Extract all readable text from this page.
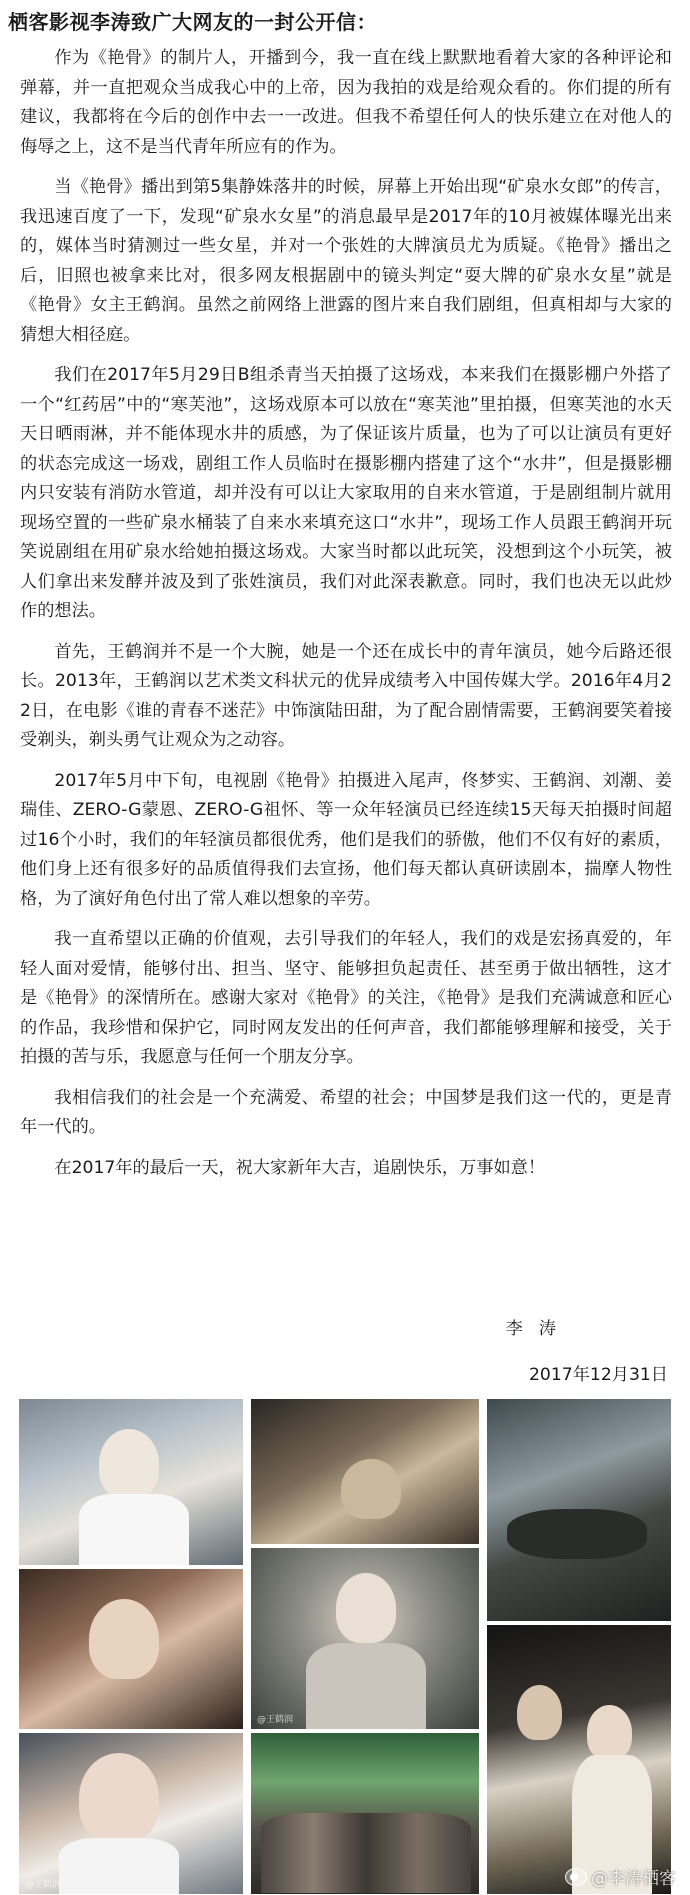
栖客影视李涛致广大网友的一封公开信：

作为《艳骨》的制片人，开播到今，我一直在线上默默地看着大家的各种评论和弹幕，并一直把观众当成我心中的上帝，因为我拍的戏是给观众看的。你们提的所有建议，我都将在今后的创作中去一一改进。但我不希望任何人的快乐建立在对他人的侮辱之上，这不是当代青年所应有的作为。

当《艳骨》播出到第5集静姝落井的时候，屏幕上开始出现“矿泉水女郎”的传言，我迅速百度了一下，发现“矿泉水女星”的消息最早是2017年的10月被媒体曝光出来的，媒体当时猜测过一些女星，并对一个张姓的大牌演员尤为质疑。《艳骨》播出之后，旧照也被拿来比对，很多网友根据剧中的镜头判定“耍大牌的矿泉水女星”就是《艳骨》女主王鹤润。虽然之前网络上泄露的图片来自我们剧组，但真相却与大家的猜想大相径庭。

我们在2017年5月29日B组杀青当天拍摄了这场戏，本来我们在摄影棚户外搭了一个“红药居”中的“寒芙池”，这场戏原本可以放在“寒芙池”里拍摄，但寒芙池的水天天日晒雨淋，并不能体现水井的质感，为了保证该片质量，也为了可以让演员有更好的状态完成这一场戏，剧组工作人员临时在摄影棚内搭建了这个“水井”，但是摄影棚内只安装有消防水管道，却并没有可以让大家取用的自来水管道，于是剧组制片就用现场空置的一些矿泉水桶装了自来水来填充这口“水井”，现场工作人员跟王鹤润开玩笑说剧组在用矿泉水给她拍摄这场戏。大家当时都以此玩笑，没想到这个小玩笑，被人们拿出来发酵并波及到了张姓演员，我们对此深表歉意。同时，我们也决无以此炒作的想法。

首先，王鹤润并不是一个大腕，她是一个还在成长中的青年演员，她今后路还很长。2013年，王鹤润以艺术类文科状元的优异成绩考入中国传媒大学。2016年4月22日，在电影《谁的青春不迷茫》中饰演陆田甜，为了配合剧情需要，王鹤润要笑着接受剃头，剃头勇气让观众为之动容。

2017年5月中下旬，电视剧《艳骨》拍摄进入尾声，佟梦实、王鹤润、刘潮、姜瑞佳、ZERO-G蒙恩、ZERO-G祖怀、等一众年轻演员已经连续15天每天拍摄时间超过16个小时，我们的年轻演员都很优秀，他们是我们的骄傲，他们不仅有好的素质，他们身上还有很多好的品质值得我们去宣扬，他们每天都认真研读剧本，揣摩人物性格，为了演好角色付出了常人难以想象的辛劳。

我一直希望以正确的价值观，去引导我们的年轻人，我们的戏是宏扬真爱的，年轻人面对爱情，能够付出、担当、坚守、能够担负起责任、甚至勇于做出牺牲，这才是《艳骨》的深情所在。感谢大家对《艳骨》的关注，《艳骨》是我们充满诚意和匠心的作品，我珍惜和保护它，同时网友发出的任何声音，我们都能够理解和接受，关于拍摄的苦与乐，我愿意与任何一个朋友分享。

我相信我们的社会是一个充满爱、希望的社会；中国梦是我们这一代的，更是青年一代的。

在2017年的最后一天，祝大家新年大吉，追剧快乐，万事如意！

李涛
2017年12月31日
@王鹤润
@王鹤润
@李涛栖客
